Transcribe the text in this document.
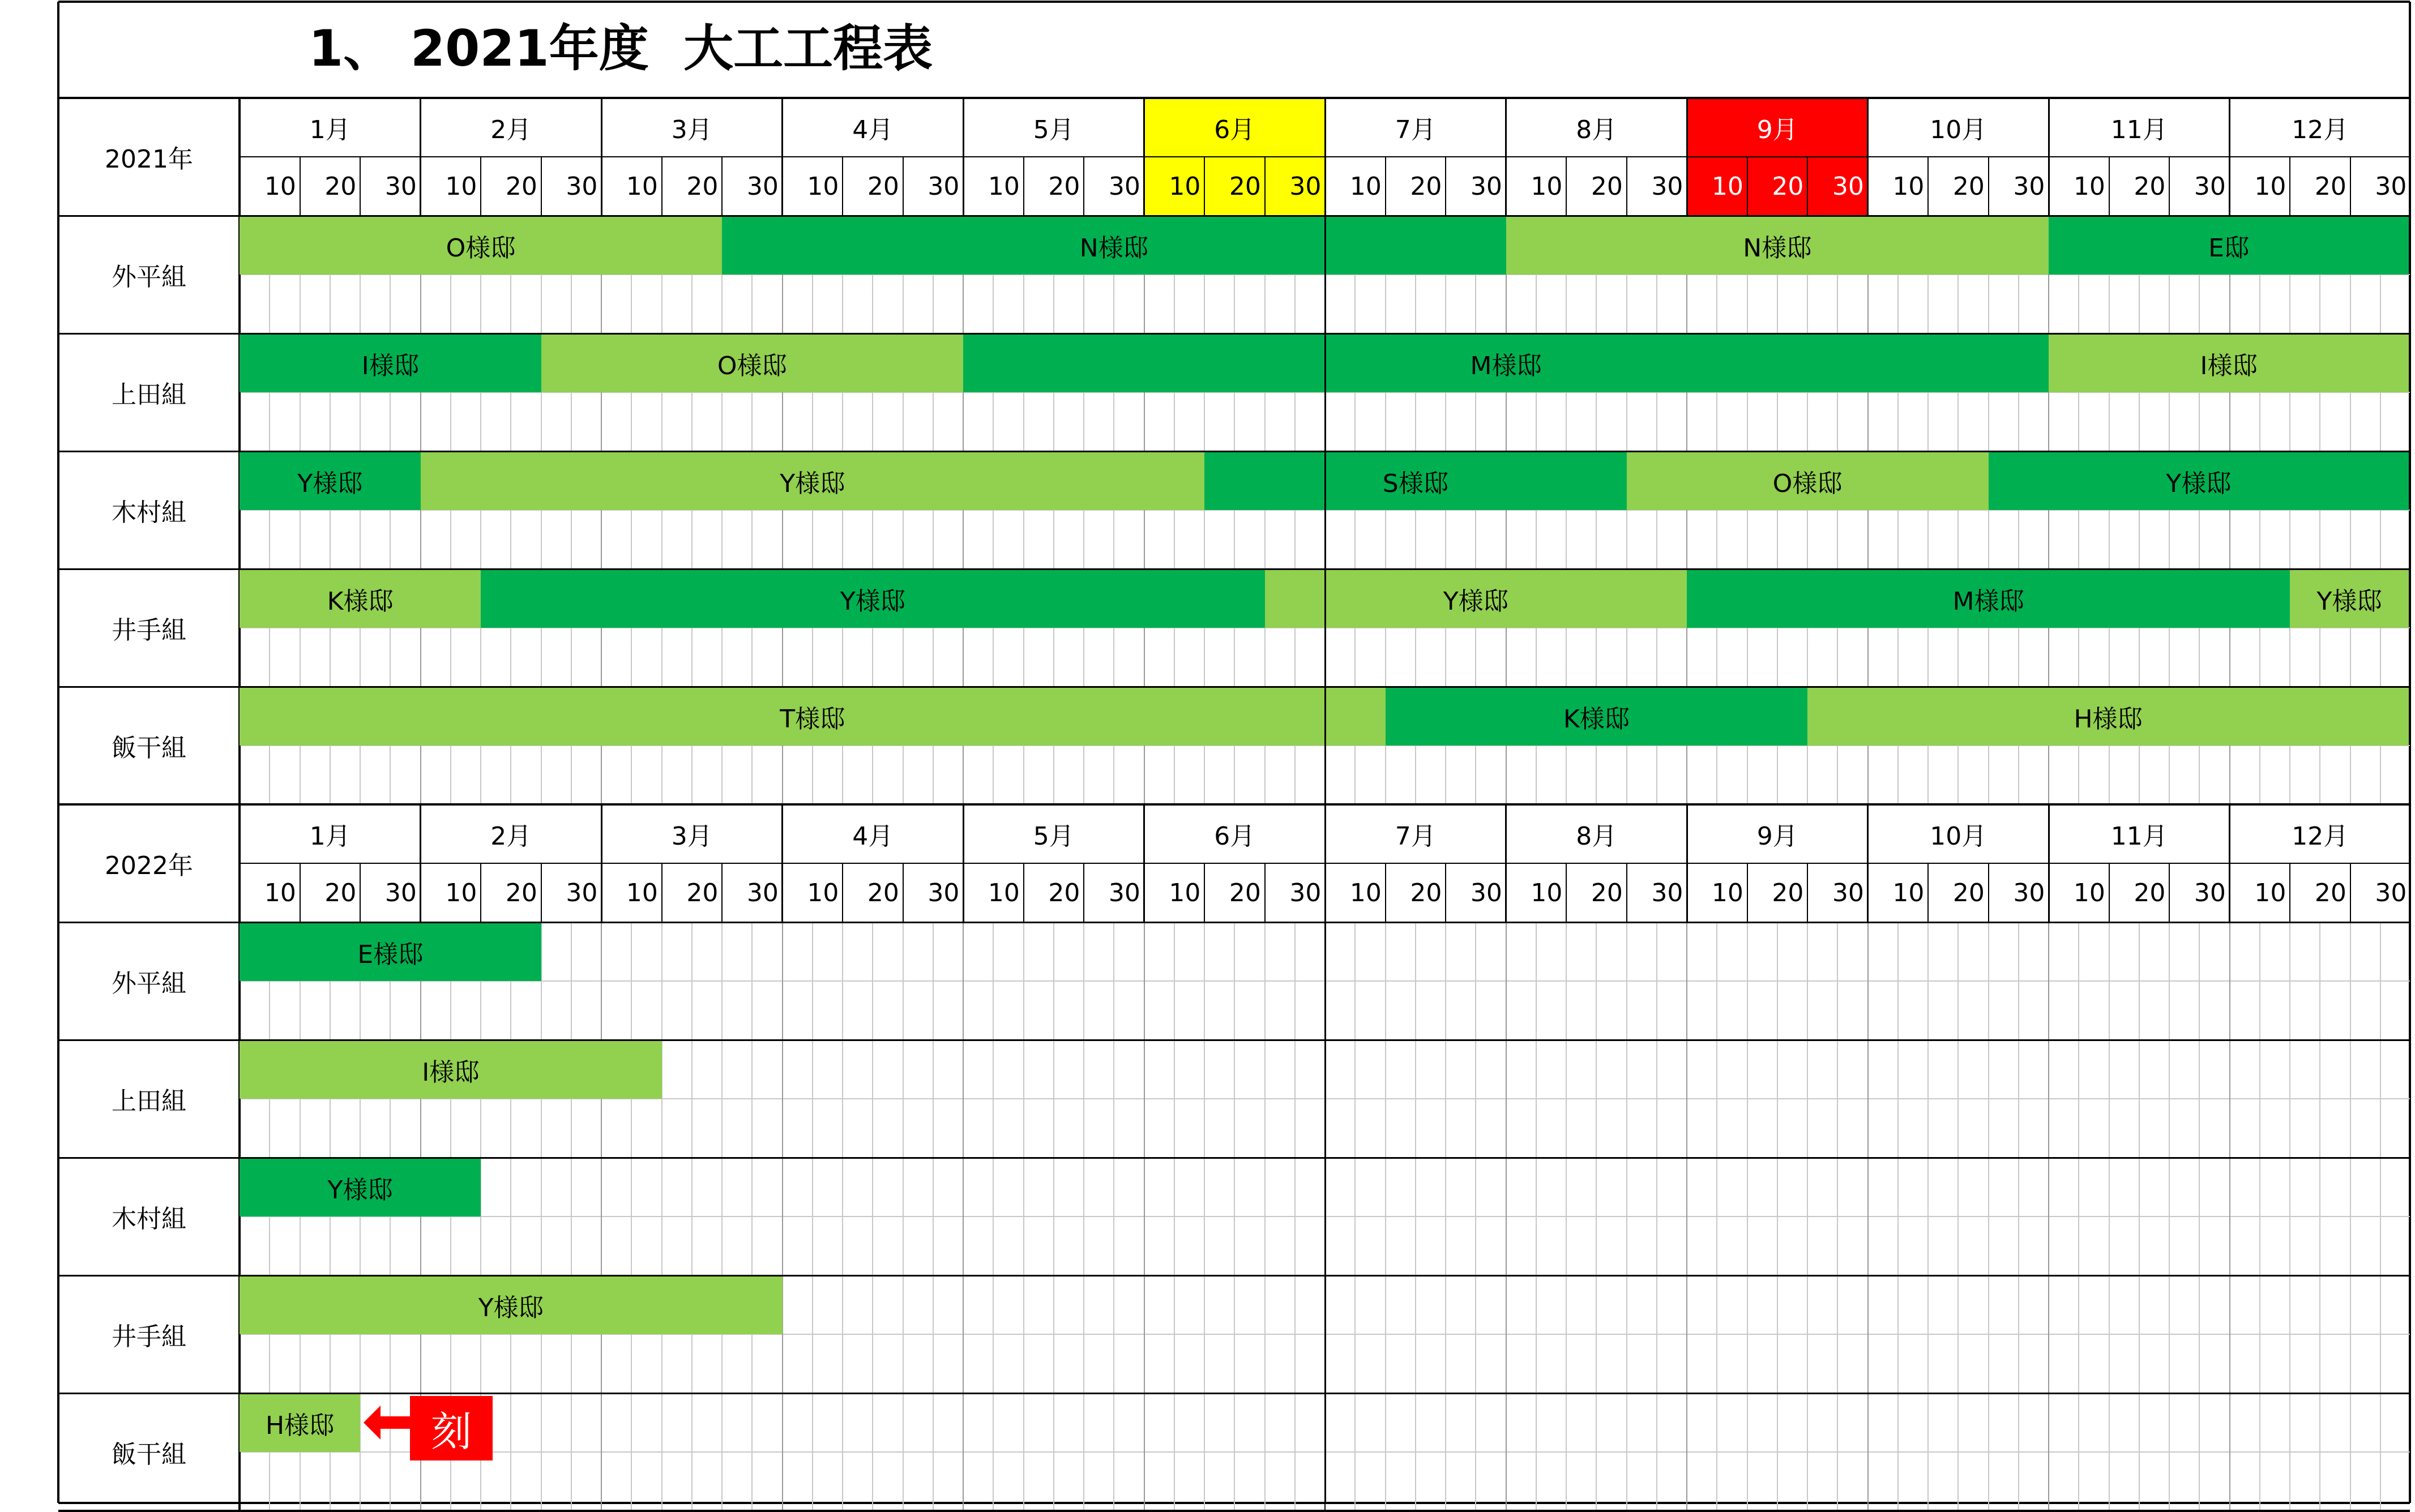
1、 2021年度  大工工程表
1月
10 20 30
2月
10 20 30
3月
10 20 30
4月
10 20 30
5月
10 20 30
6月
10 20 30
7月
10 20 30
8月
10 20 30
9月
10 20 30
10月
10 20 30
11月
10 20 30
12月
10 20 30
2021年
外平組
O様邸	N様邸	N様邸	E邸
上田組
I様邸	O様邸	M様邸	I様邸
木村組
Y様邸	Y様邸	S様邸	O様邸	Y様邸
井手組
K様邸	Y様邸	Y様邸	M様邸	Y様邸
飯干組
T様邸	K様邸	H様邸
1月
10 20 30
2月
10 20 30
3月
10 20 30
4月
10 20 30
5月
10 20 30
6月
10 20 30
7月
10 20 30
8月
10 20 30
9月
10 20 30
10月
10 20 30
11月
10 20 30
12月
10 20 30
2022年
外平組
E様邸
上田組
I様邸
木村組
Y様邸
井手組
Y様邸
飯干組
H様邸	刻
